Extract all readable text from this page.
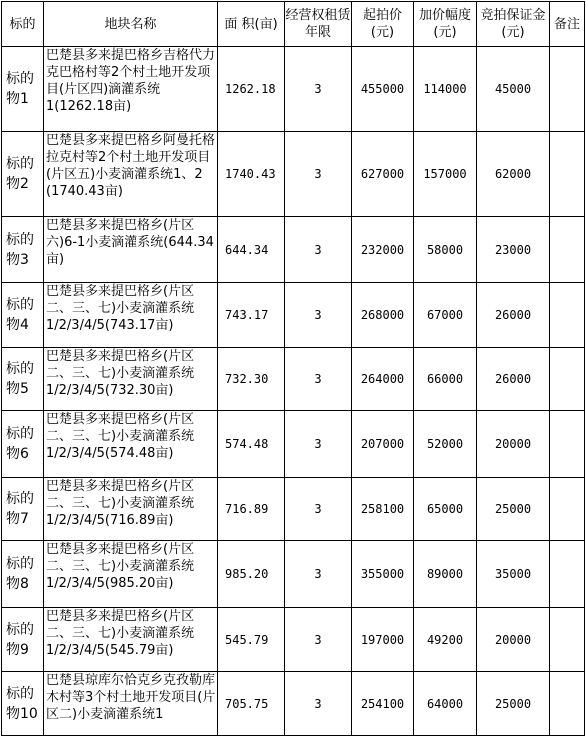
标的	地块名称	面 积(亩)	经营权租赁年限	起拍价(元)	加价幅度(元)	竞拍保证金(元)	备注
标的物1	巴楚县多来提巴格乡吉格代力克巴格村等2个村土地开发项目(片区四)滴灌系统 1(1262.18亩)	1262.18	3	455000	114000	45000	
标的物2	巴楚县多来提巴格乡阿曼托格拉克村等2个村土地开发项目(片区五)小麦滴灌系统1、2 (1740.43亩)	1740.43	3	627000	157000	62000	
标的物3	巴楚县多来提巴格乡(片区六)6-1小麦滴灌系统(644.34亩)	644.34	3	232000	58000	23000	
标的物4	巴楚县多来提巴格乡(片区二、三、七)小麦滴灌系统1/2/3/4/5(743.17亩)	743.17	3	268000	67000	26000	
标的物5	巴楚县多来提巴格乡(片区二、三、七)小麦滴灌系统1/2/3/4/5(732.30亩)	732.30	3	264000	66000	26000	
标的物6	巴楚县多来提巴格乡(片区二、三、七)小麦滴灌系统1/2/3/4/5(574.48亩)	574.48	3	207000	52000	20000	
标的物7	巴楚县多来提巴格乡(片区二、三、七)小麦滴灌系统1/2/3/4/5(716.89亩)	716.89	3	258100	65000	25000	
标的物8	巴楚县多来提巴格乡(片区二、三、七)小麦滴灌系统1/2/3/4/5(985.20亩)	985.20	3	355000	89000	35000	
标的物9	巴楚县多来提巴格乡(片区二、三、七)小麦滴灌系统1/2/3/4/5(545.79亩)	545.79	3	197000	49200	20000	
标的物10	巴楚县琼库尔恰克乡克孜勒库木村等3个村土地开发项目(片区二)小麦滴灌系统1	705.75	3	254100	64000	25000	
